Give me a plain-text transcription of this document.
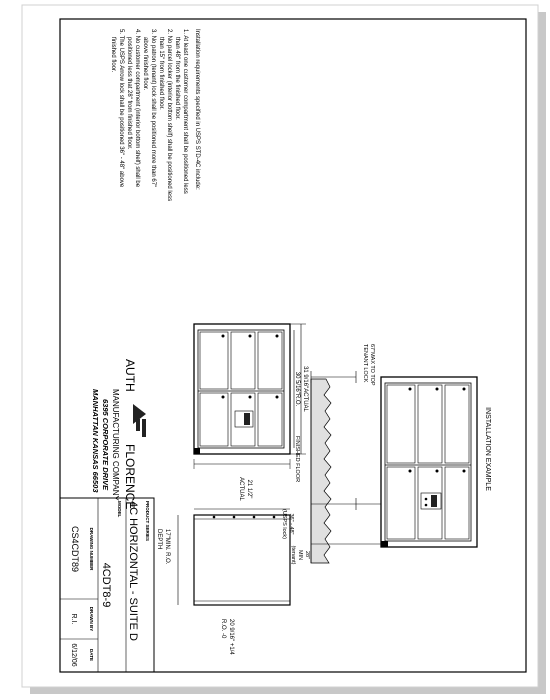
INSTALLATION EXAMPLE
FINISHED FLOOR
67"MAX TO TOP
TENANT LOCK
36" - 48"
(USPS lock)
28"
MIN
(tenant)
Installation requirements specified in USPS STD-4C include:
1. At least one customer compartment shall be positioned less
than 48" from the finished floor.
2. No parcel locker (interior bottom shelf) shall be positioned less
than 15" from finished floor.
3. No patron (tenant) lock shall be positioned more than 67"
above finished floor.
4. No customer compartment (interior bottom shelf) shall be
positioned less that 28" from finished floor.
5. The USPS Arrow lock shall be positioned 36" - 48" above
finished floor.
31 9/16"ACTUAL
30 5/16"R.O.
21 1/2"
ACTUAL
17"MIN. R.O.
DEPTH
20 9/16" +1/4
R.O. -0
AUTH
FLORENCE
MANUFACTURING COMPANY
6395 CORPORATE DRIVE
MANHATTAN KANSAS 66503
PRODUCT SERIES
4C HORIZONTAL - SUITE D
MODEL
4CDT8-9
DRAWING NUMBER
CS4CDT89
DRAWN BY
R.I.
DATE
6/12/06
